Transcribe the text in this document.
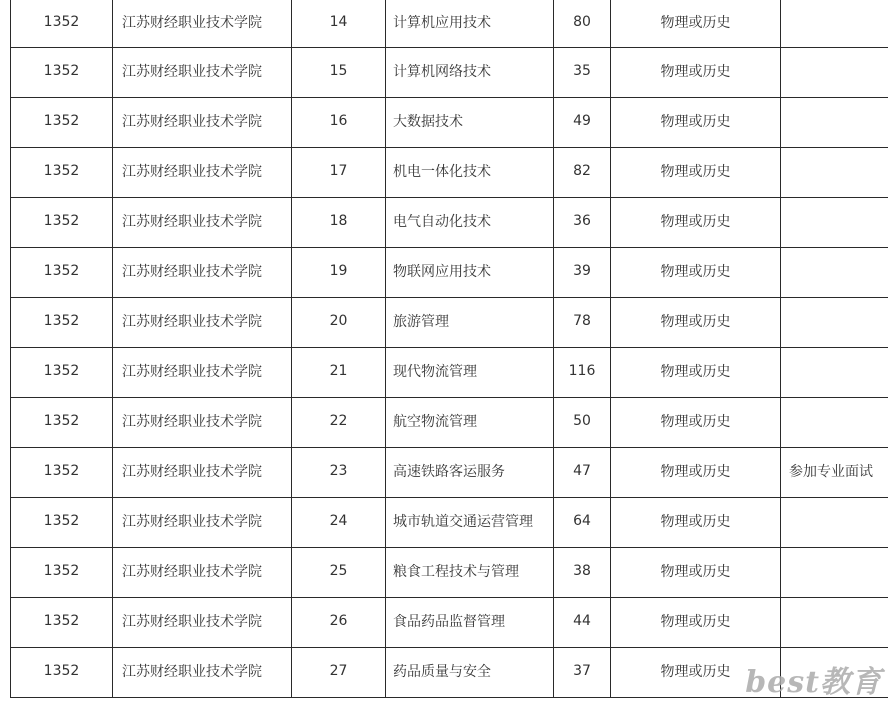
1352	江苏财经职业技术学院	14	计算机应用技术	80	物理或历史	
1352	江苏财经职业技术学院	15	计算机网络技术	35	物理或历史	
1352	江苏财经职业技术学院	16	大数据技术	49	物理或历史	
1352	江苏财经职业技术学院	17	机电一体化技术	82	物理或历史	
1352	江苏财经职业技术学院	18	电气自动化技术	36	物理或历史	
1352	江苏财经职业技术学院	19	物联网应用技术	39	物理或历史	
1352	江苏财经职业技术学院	20	旅游管理	78	物理或历史	
1352	江苏财经职业技术学院	21	现代物流管理	116	物理或历史	
1352	江苏财经职业技术学院	22	航空物流管理	50	物理或历史	
1352	江苏财经职业技术学院	23	高速铁路客运服务	47	物理或历史	参加专业面试
1352	江苏财经职业技术学院	24	城市轨道交通运营管理	64	物理或历史	
1352	江苏财经职业技术学院	25	粮食工程技术与管理	38	物理或历史	
1352	江苏财经职业技术学院	26	食品药品监督管理	44	物理或历史	
1352	江苏财经职业技术学院	27	药品质量与安全	37	物理或历史	best教育
